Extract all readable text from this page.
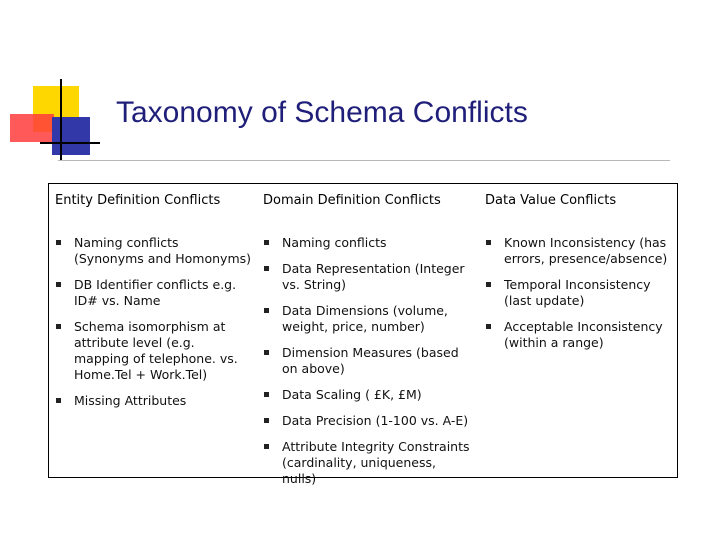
Taxonomy of Schema Conflicts
Entity Definition Conflicts
Naming conflicts (Synonyms and Homonyms)
DB Identifier conflicts e.g. ID# vs. Name
Schema isomorphism at attribute level (e.g. mapping of telephone. vs. Home.Tel + Work.Tel)
Missing Attributes
Domain Definition Conflicts
Naming conflicts
Data Representation (Integer vs. String)
Data Dimensions (volume, weight, price, number)
Dimension Measures (based on above)
Data Scaling ( £K, £M)
Data Precision (1-100 vs. A-E)
Attribute Integrity Constraints (cardinality, uniqueness, nulls)
Data Value Conflicts
Known Inconsistency (has errors, presence/absence)
Temporal Inconsistency (last update)
Acceptable Inconsistency (within a range)
